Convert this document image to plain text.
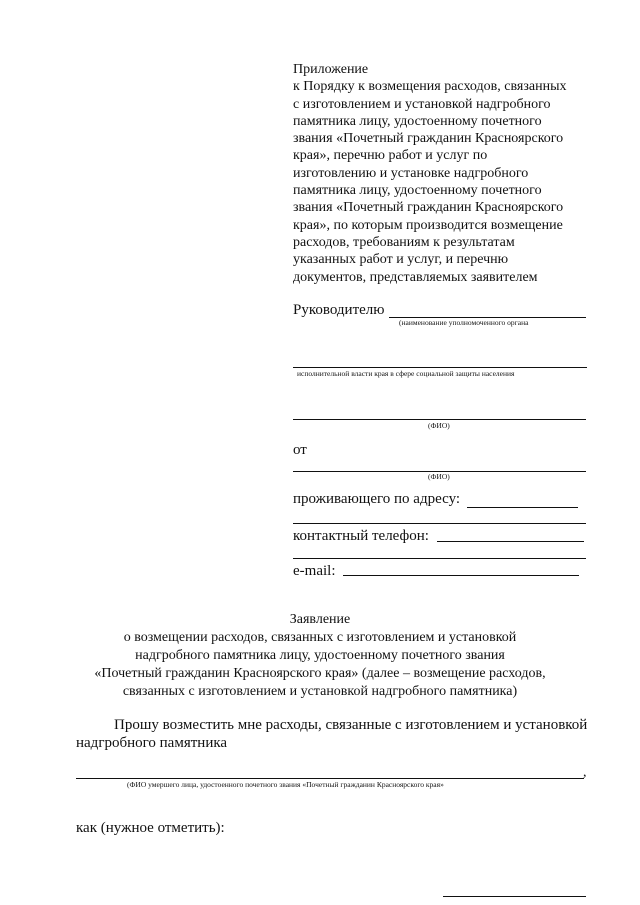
Приложение
к Порядку к возмещения расходов, связанных
с изготовлением и установкой надгробного
памятника лицу, удостоенному почетного
звания «Почетный гражданин Красноярского
края», перечню работ и услуг по
изготовлению и установке надгробного
памятника лицу, удостоенному почетного
звания «Почетный гражданин Красноярского
края», по которым производится возмещение
расходов, требованиям к результатам
указанных работ и услуг, и перечню
документов, представляемых заявителем
Руководителю
(наименование уполномоченного органа
исполнительной власти края в сфере социальной защиты населения
(ФИО)
от
(ФИО)
проживающего по адресу:
контактный телефон:
e-mail:
Заявление
о возмещении расходов, связанных с изготовлением и установкой
надгробного памятника лицу, удостоенному почетного звания
«Почетный гражданин Красноярского края» (далее – возмещение расходов,
связанных с изготовлением и установкой надгробного памятника)
Прошу возместить мне расходы, связанные с изготовлением и установкой
надгробного памятника
,
(ФИО умершего лица, удостоенного почетного звания «Почетный гражданин Красноярского края»
как (нужное отметить):
